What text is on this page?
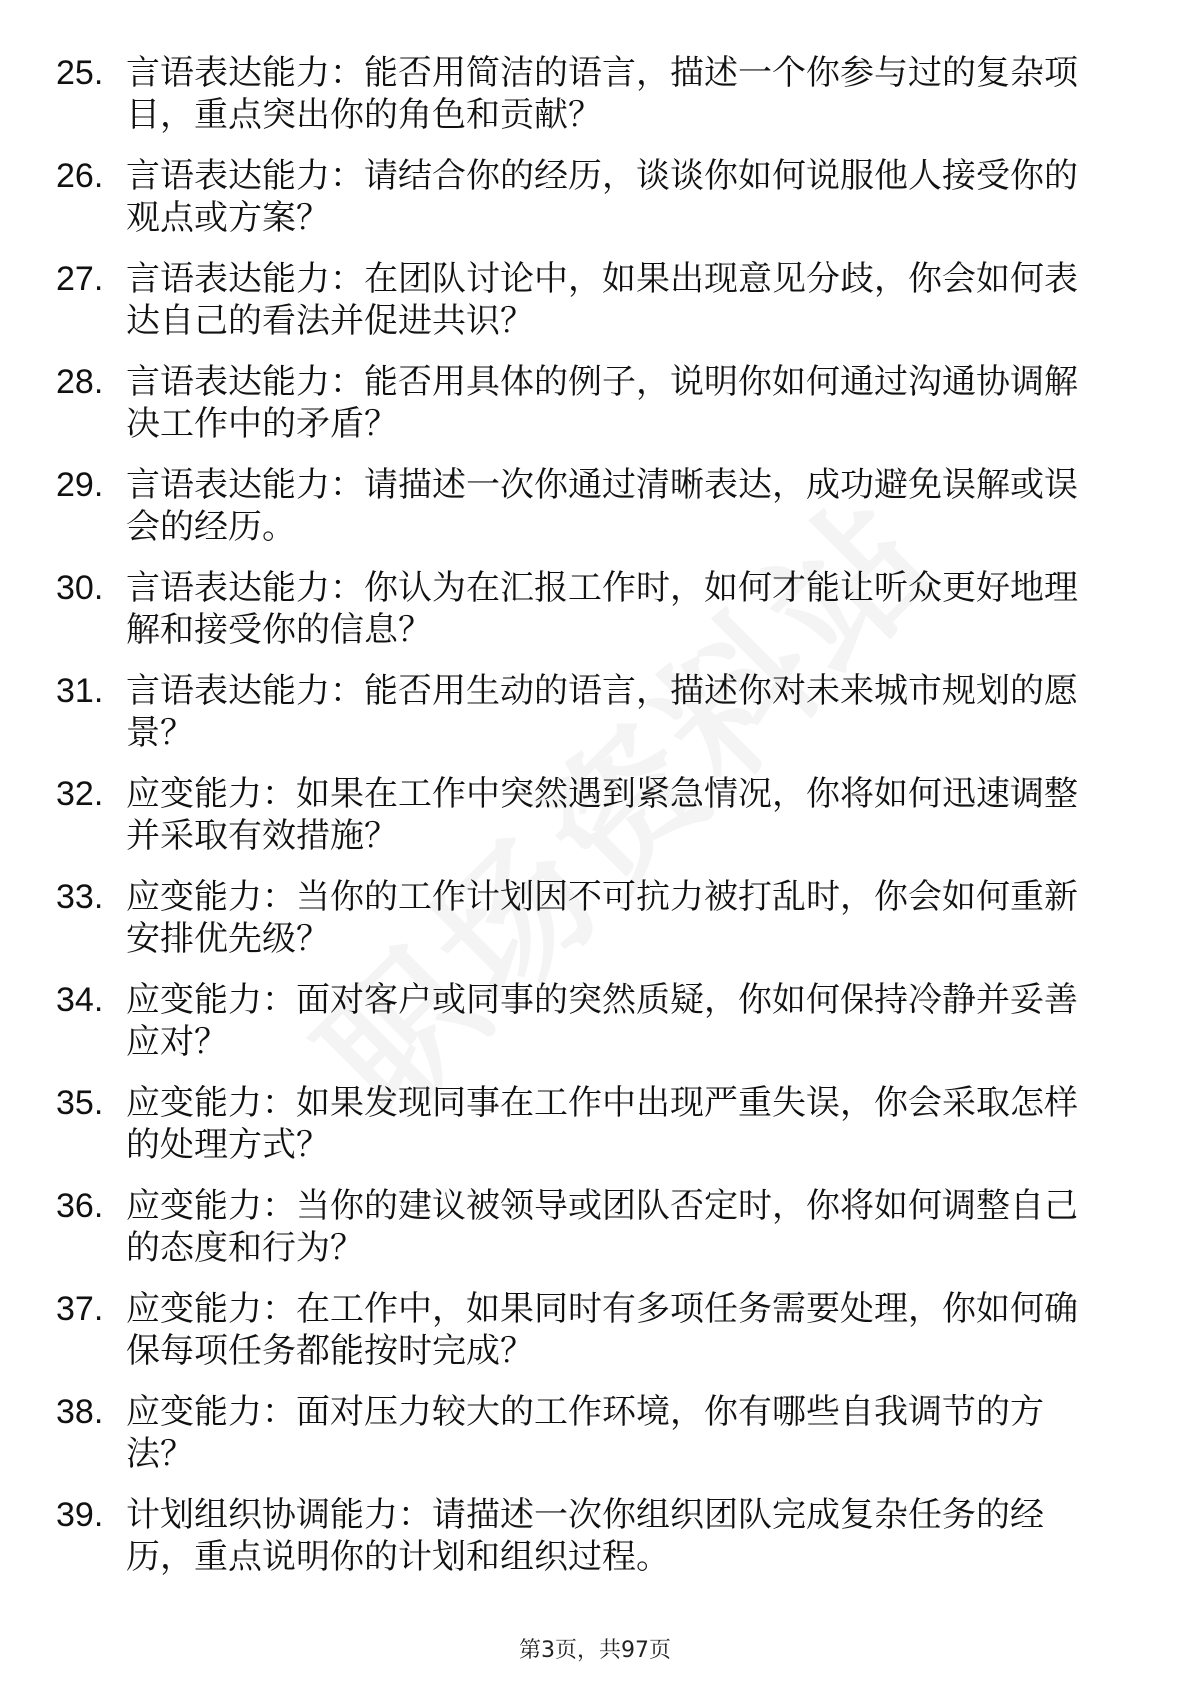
25. 言语表达能力：能否用简洁的语言，描述一个你参与过的复杂项目，重点突出你的角色和贡献？
26. 言语表达能力：请结合你的经历，谈谈你如何说服他人接受你的观点或方案？
27. 言语表达能力：在团队讨论中，如果出现意见分歧，你会如何表达自己的看法并促进共识？
28. 言语表达能力：能否用具体的例子，说明你如何通过沟通协调解决工作中的矛盾？
29. 言语表达能力：请描述一次你通过清晰表达，成功避免误解或误会的经历。
30. 言语表达能力：你认为在汇报工作时，如何才能让听众更好地理解和接受你的信息？
31. 言语表达能力：能否用生动的语言，描述你对未来城市规划的愿景？
32. 应变能力：如果在工作中突然遇到紧急情况，你将如何迅速调整并采取有效措施？
33. 应变能力：当你的工作计划因不可抗力被打乱时，你会如何重新安排优先级？
34. 应变能力：面对客户或同事的突然质疑，你如何保持冷静并妥善应对？
35. 应变能力：如果发现同事在工作中出现严重失误，你会采取怎样的处理方式？
36. 应变能力：当你的建议被领导或团队否定时，你将如何调整自己的态度和行为？
37. 应变能力：在工作中，如果同时有多项任务需要处理，你如何确保每项任务都能按时完成？
38. 应变能力：面对压力较大的工作环境，你有哪些自我调节的方法？
39. 计划组织协调能力：请描述一次你组织团队完成复杂任务的经历，重点说明你的计划和组织过程。
第3页，共97页
